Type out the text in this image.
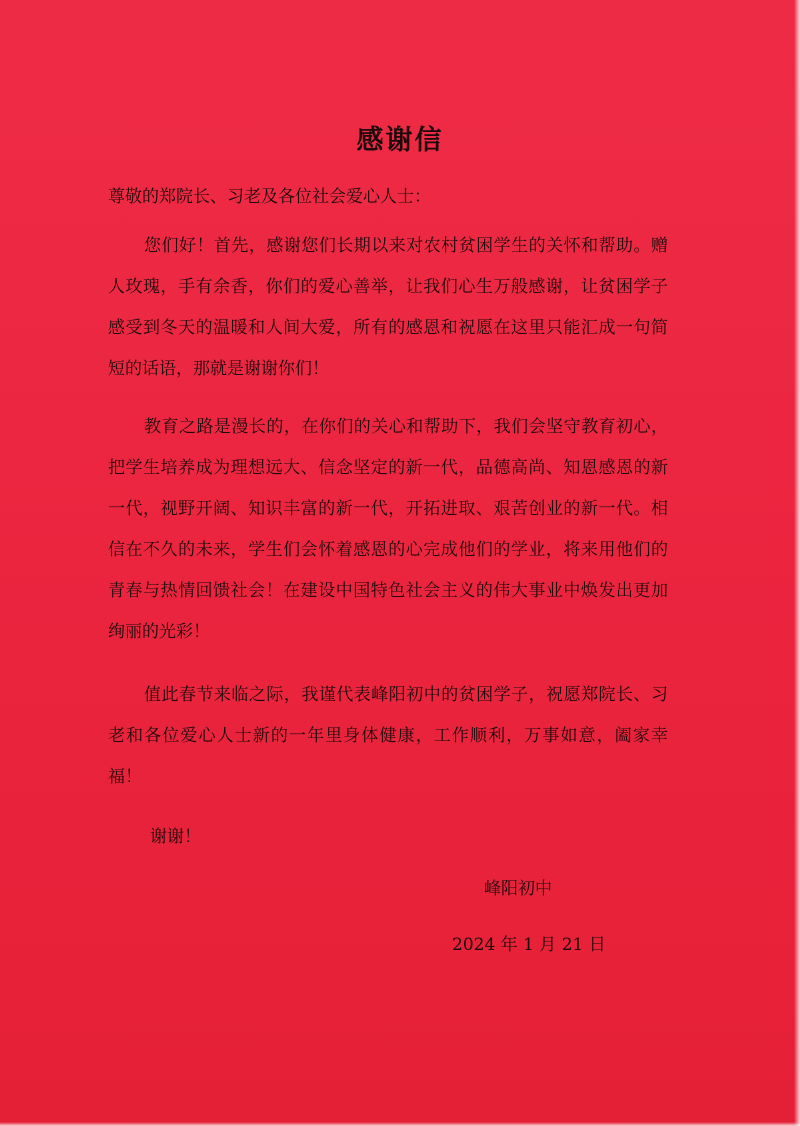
感谢信
尊敬的郑院长、习老及各位社会爱心人士：
您们好！首先，感谢您们长期以来对农村贫困学生的关怀和帮助。赠人玫瑰，手有余香，你们的爱心善举，让我们心生万般感谢，让贫困学子感受到冬天的温暖和人间大爱，所有的感恩和祝愿在这里只能汇成一句简短的话语，那就是谢谢你们！
教育之路是漫长的，在你们的关心和帮助下，我们会坚守教育初心，把学生培养成为理想远大、信念坚定的新一代，品德高尚、知恩感恩的新一代，视野开阔、知识丰富的新一代，开拓进取、艰苦创业的新一代。相信在不久的未来，学生们会怀着感恩的心完成他们的学业，将来用他们的青春与热情回馈社会！在建设中国特色社会主义的伟大事业中焕发出更加绚丽的光彩！
值此春节来临之际，我谨代表峰阳初中的贫困学子，祝愿郑院长、习老和各位爱心人士新的一年里身体健康，工作顺利，万事如意，阖家幸福！
谢谢！
峰阳初中
2024 年 1 月 21 日
